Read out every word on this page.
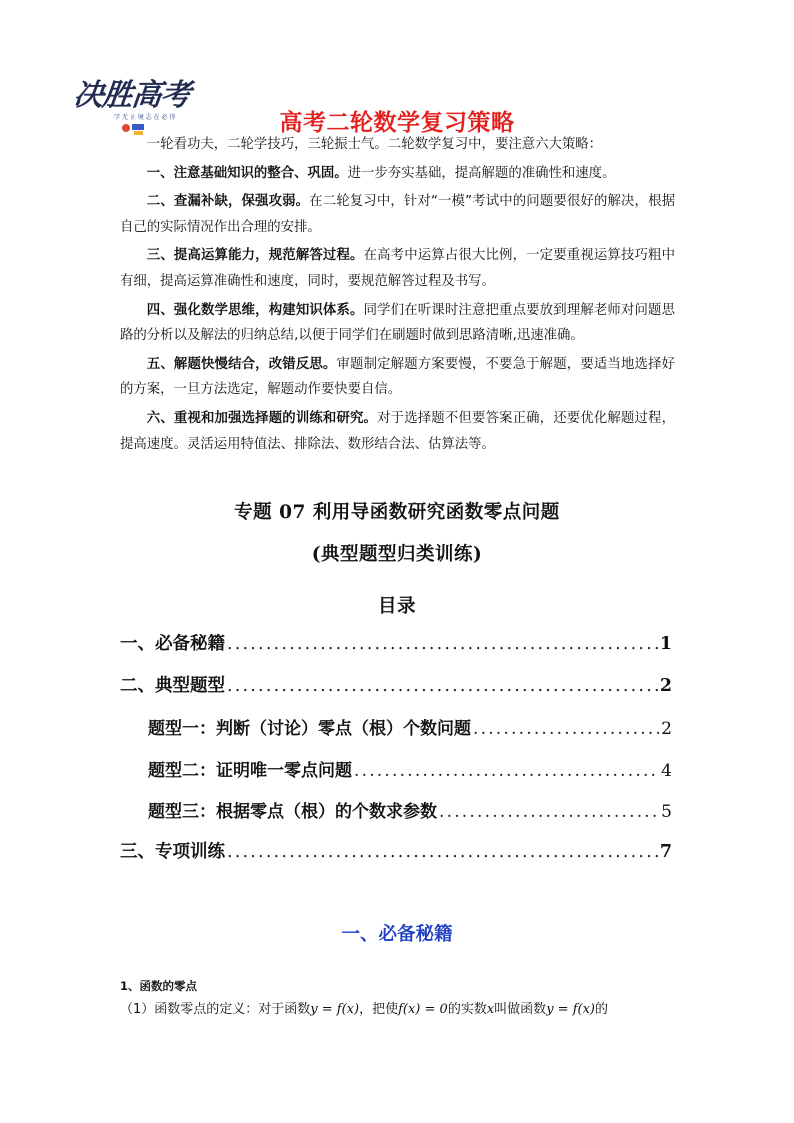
决胜高考
学 无 止 境 志 在 必 得	高考二轮数学复习策略

一轮看功夫，二轮学技巧，三轮振士气。二轮数学复习中，要注意六大策略：

一、注意基础知识的整合、巩固。进一步夯实基础，提高解题的准确性和速度。

二、查漏补缺，保强攻弱。在二轮复习中，针对“一模”考试中的问题要很好的解决，根据自己的实际情况作出合理的安排。

三、提高运算能力，规范解答过程。在高考中运算占很大比例，一定要重视运算技巧粗中有细，提高运算准确性和速度，同时，要规范解答过程及书写。

四、强化数学思维，构建知识体系。同学们在听课时注意把重点要放到理解老师对问题思路的分析以及解法的归纳总结,以便于同学们在刷题时做到思路清晰,迅速准确。

五、解题快慢结合，改错反思。审题制定解题方案要慢，不要急于解题，要适当地选择好的方案，一旦方法选定，解题动作要快要自信。

六、重视和加强选择题的训练和研究。对于选择题不但要答案正确，还要优化解题过程，提高速度。灵活运用特值法、排除法、数形结合法、估算法等。

专题 07 利用导函数研究函数零点问题
(典型题型归类训练)
目录
一、必备秘籍 .....	1
二、典型题型 .....	2
题型一：判断（讨论）零点（根）个数问题 .....	2
题型二：证明唯一零点问题 .....	4
题型三：根据零点（根）的个数求参数 .....	5
三、专项训练 .....	7
一、必备秘籍
1、函数的零点
（1）函数零点的定义：对于函数y = f(x)，把使f(x) = 0的实数x叫做函数y = f(x)的
